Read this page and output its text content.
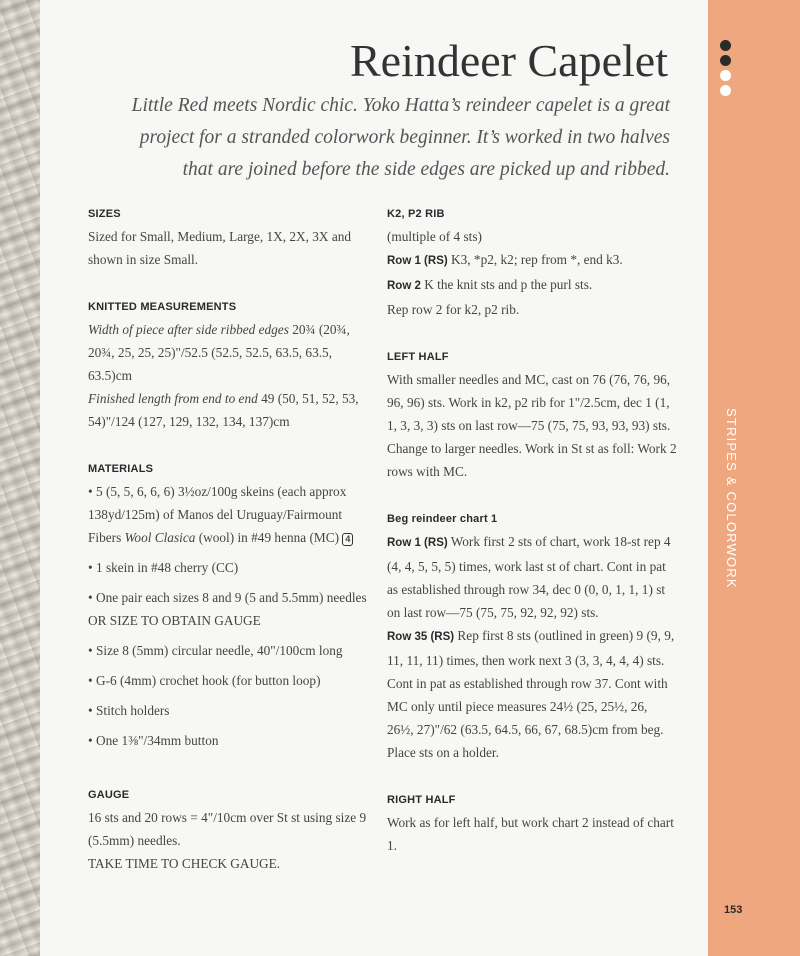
STRIPES & COLORWORK
153
Reindeer Capelet

Little Red meets Nordic chic. Yoko Hatta’s reindeer capelet is a great project for a stranded colorwork beginner. It’s worked in two halves that are joined before the side edges are picked up and ribbed.

SIZES

Sized for Small, Medium, Large, 1X, 2X, 3X and shown in size Small.

KNITTED MEASUREMENTS

Width of piece after side ribbed edges 20¾ (20¾, 20¾, 25, 25, 25)"/52.5 (52.5, 52.5, 63.5, 63.5, 63.5)cm

Finished length from end to end 49 (50, 51, 52, 53, 54)"/124 (127, 129, 132, 134, 137)cm

MATERIALS
• 5 (5, 5, 6, 6, 6) 3½oz/100g skeins (each approx 138yd/125m) of Manos del Uruguay/Fairmount Fibers Wool Clasica (wool) in #49 henna (MC) 4
• 1 skein in #48 cherry (CC)
• One pair each sizes 8 and 9 (5 and 5.5mm) needles OR SIZE TO OBTAIN GAUGE
• Size 8 (5mm) circular needle, 40"/100cm long
• G-6 (4mm) crochet hook (for button loop)
• Stitch holders
• One 1⅜"/34mm button
GAUGE

16 sts and 20 rows = 4"/10cm over St st using size 9 (5.5mm) needles.

TAKE TIME TO CHECK GAUGE.

K2, P2 RIB

(multiple of 4 sts)

Row 1 (RS) K3, *p2, k2; rep from *, end k3.

Row 2 K the knit sts and p the purl sts.

Rep row 2 for k2, p2 rib.

LEFT HALF

With smaller needles and MC, cast on 76 (76, 76, 96, 96, 96) sts. Work in k2, p2 rib for 1"/2.5cm, dec 1 (1, 1, 3, 3, 3) sts on last row—75 (75, 75, 93, 93, 93) sts. Change to larger needles. Work in St st as foll: Work 2 rows with MC.

Beg reindeer chart 1

Row 1 (RS) Work first 2 sts of chart, work 18-st rep 4 (4, 4, 5, 5, 5) times, work last st of chart. Cont in pat as established through row 34, dec 0 (0, 0, 1, 1, 1) st on last row—75 (75, 75, 92, 92, 92) sts.

Row 35 (RS) Rep first 8 sts (outlined in green) 9 (9, 9, 11, 11, 11) times, then work next 3 (3, 3, 4, 4, 4) sts. Cont in pat as established through row 37. Cont with MC only until piece measures 24½ (25, 25½, 26, 26½, 27)"/62 (63.5, 64.5, 66, 67, 68.5)cm from beg. Place sts on a holder.

RIGHT HALF

Work as for left half, but work chart 2 instead of chart 1.
